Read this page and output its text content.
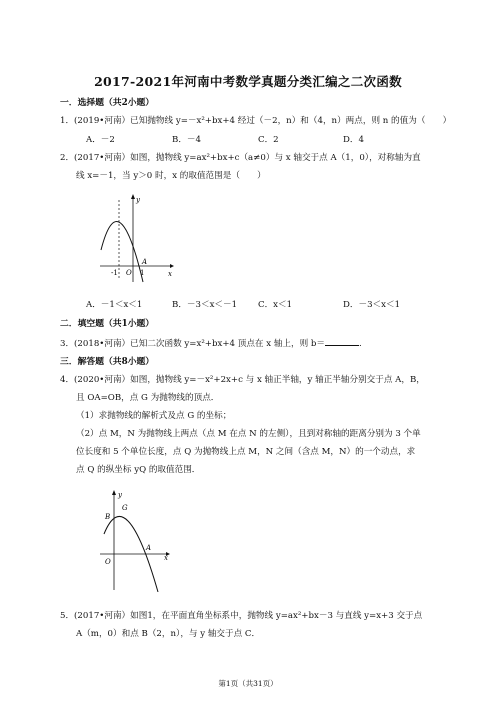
2017-2021年河南中考数学真题分类汇编之二次函数
一．选择题（共2小题）
1．(2019•河南）已知抛物线 y=－x²+bx+4 经过（－2，n）和（4，n）两点，则 n 的值为（　　）
A．－2	B．－4	C．2	D．4
2．(2017•河南）如图，抛物线 y=ax²+bx+c（a≠0）与 x 轴交于点 A（1，0），对称轴为直
线 x=－1，当 y＞0 时，x 的取值范围是（　　）
y
x
A
O
-1	1
A．－1＜x＜1	B．－3＜x＜－1 C．x＜1	D．－3＜x＜1
二．填空题（共1小题）
3．(2018•河南）已知二次函数 y=x²+bx+4 顶点在 x 轴上，则 b＝	.
三．解答题（共8小题）
4．(2020•河南）如图，抛物线 y=－x²+2x+c 与 x 轴正半轴，y 轴正半轴分别交于点 A，B，
且 OA=OB，点 G 为抛物线的顶点．
（1）求抛物线的解析式及点 G 的坐标；
（2）点 M，N 为抛物线上两点（点 M 在点 N 的左侧），且到对称轴的距离分别为 3 个单
位长度和 5 个单位长度，点 Q 为抛物线上点 M，N 之间（含点 M，N）的一个动点，求
点 Q 的纵坐标 yQ 的取值范围．
y
x
B
G
A
O
5．(2017•河南）如图1，在平面直角坐标系中，抛物线 y=ax²+bx－3 与直线 y=x+3 交于点
A（m，0）和点 B（2，n），与 y 轴交于点 C．
第1页（共31页）
